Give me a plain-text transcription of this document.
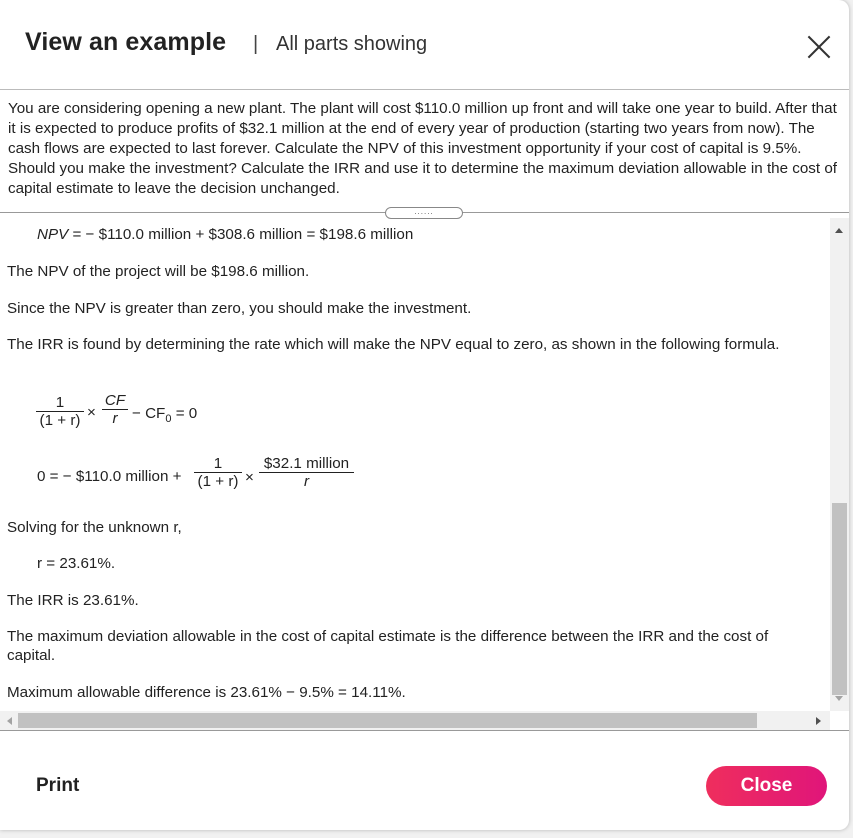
View an example | All parts showing
You are considering opening a new plant. The plant will cost $110.0 million up front and will take one year to build. After that it is expected to produce profits of $32.1 million at the end of every year of production (starting two years from now). The cash flows are expected to last forever. Calculate the NPV of this investment opportunity if your cost of capital is 9.5%. Should you make the investment? Calculate the IRR and use it to determine the maximum deviation allowable in the cost of capital estimate to leave the decision unchanged.
......
NPV = − $110.0 million + $308.6 million = $198.6 million
The NPV of the project will be $198.6 million.
Since the NPV is greater than zero, you should make the investment.
The IRR is found by determining the rate which will make the NPV equal to zero, as shown in the following formula.
1
(1 + r) ×
CF
$r - CF_0 = 0$
0 = − $110.0 million +
1
(1 + r) ×
$32.1 million
r
Solving for the unknown r,
r = 23.61%.
The IRR is 23.61%.
The maximum deviation allowable in the cost of capital estimate is the difference between the IRR and the cost of capital.
Maximum allowable difference is 23.61% − 9.5% = 14.11%.
Print	Close
